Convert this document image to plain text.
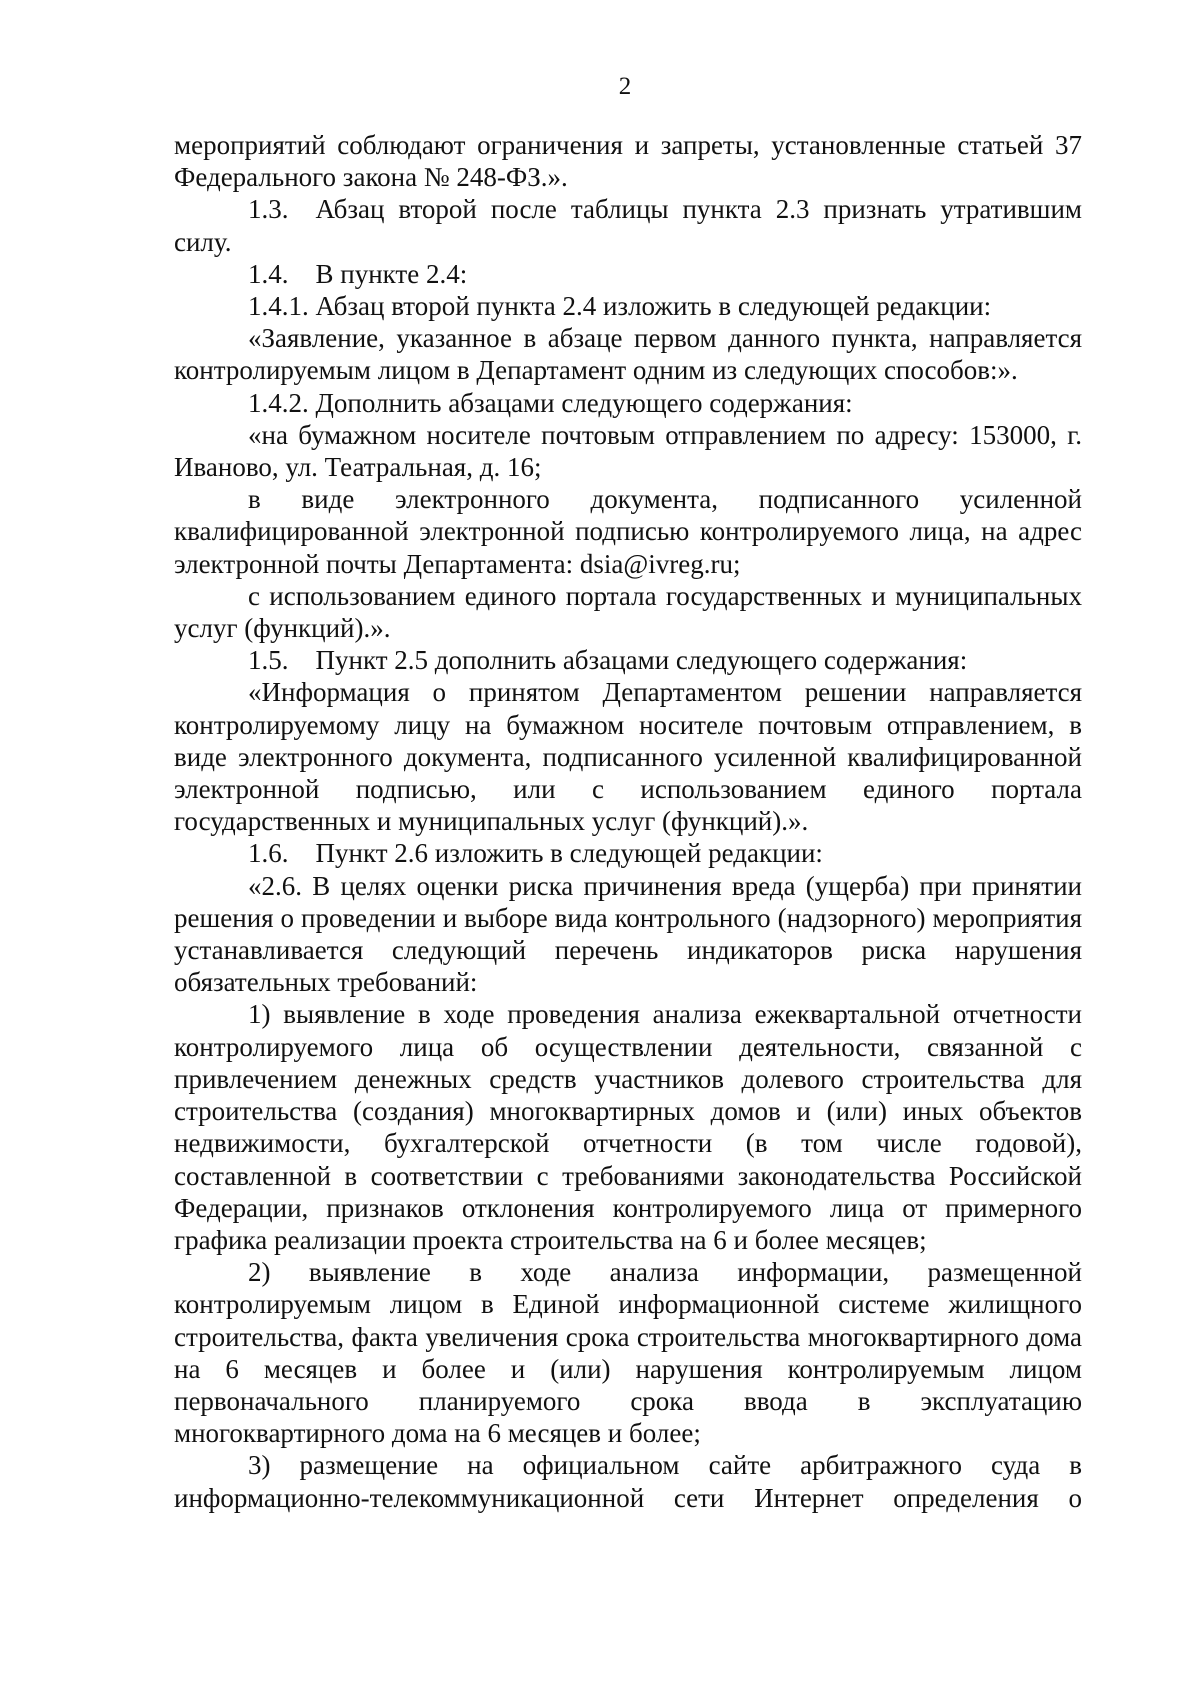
2

мероприятий соблюдают ограничения и запреты, установленные статьей 37 Федерального закона № 248-ФЗ.».

1.3. Абзац второй после таблицы пункта 2.3 признать утратившим силу.

1.4. В пункте 2.4:

1.4.1. Абзац второй пункта 2.4 изложить в следующей редакции:

«Заявление, указанное в абзаце первом данного пункта, направляется контролируемым лицом в Департамент одним из следующих способов:».

1.4.2. Дополнить абзацами следующего содержания:

«на бумажном носителе почтовым отправлением по адресу: 153000, г. Иваново, ул. Театральная, д. 16;

в виде электронного документа, подписанного усиленной квалифицированной электронной подписью контролируемого лица, на адрес электронной почты Департамента: dsia@ivreg.ru;

с использованием единого портала государственных и муниципальных услуг (функций).».

1.5. Пункт 2.5 дополнить абзацами следующего содержания:

«Информация о принятом Департаментом решении направляется контролируемому лицу на бумажном носителе почтовым отправлением, в виде электронного документа, подписанного усиленной квалифицированной электронной подписью, или с использованием единого портала государственных и муниципальных услуг (функций).».

1.6. Пункт 2.6 изложить в следующей редакции:

«2.6. В целях оценки риска причинения вреда (ущерба) при принятии решения о проведении и выборе вида контрольного (надзорного) мероприятия устанавливается следующий перечень индикаторов риска нарушения обязательных требований:

1) выявление в ходе проведения анализа ежеквартальной отчетности контролируемого лица об осуществлении деятельности, связанной с привлечением денежных средств участников долевого строительства для строительства (создания) многоквартирных домов и (или) иных объектов недвижимости, бухгалтерской отчетности (в том числе годовой), составленной в соответствии с требованиями законодательства Российской Федерации, признаков отклонения контролируемого лица от примерного графика реализации проекта строительства на 6 и более месяцев;

2) выявление в ходе анализа информации, размещенной контролируемым лицом в Единой информационной системе жилищного строительства, факта увеличения срока строительства многоквартирного дома на 6 месяцев и более и (или) нарушения контролируемым лицом первоначального планируемого срока ввода в эксплуатацию многоквартирного дома на 6 месяцев и более;

3) размещение на официальном сайте арбитражного суда в информационно-телекоммуникационной сети Интернет определения о
